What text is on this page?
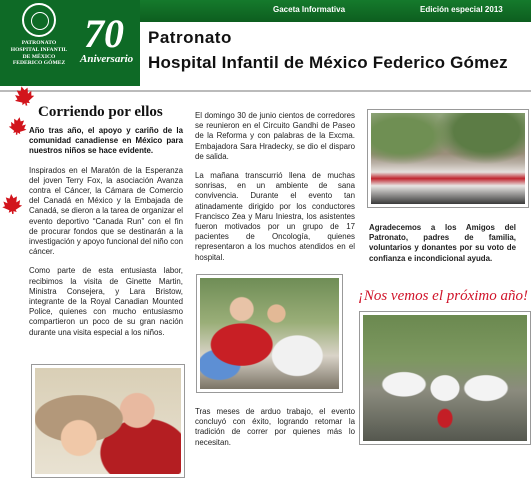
Gaceta Informativa	Edición especial 2013
PATRONATO
HOSPITAL INFANTIL
DE MÉXICO
FEDERICO GÓMEZ
70
Aniversario
Patronato
Hospital Infantil de México Federico Gómez
Corriendo por ellos

Año tras año, el apoyo y cariño de la comunidad canadiense en México para nuestros niños se hace evidente.

Inspirados en el Maratón de la Esperanza del joven Terry Fox, la asociación Avanza contra el Cáncer, la Cámara de Comercio del Canadá en México y la Embajada de Canadá, se dieron a la tarea de organizar el evento deportivo “Canada Run” con el fin de procurar fondos que se destinarán a la investigación y apoyo funcional del niño con cáncer.

Como parte de esta entusiasta labor, recibimos la visita de Ginette Martin, Ministra Consejera, y Lara Bristow, integrante de la Royal Canadian Mounted Police, quienes con mucho entusiasmo compartieron un poco de su gran nación durante una visita especial a los niños.

El domingo 30 de junio cientos de corredores se reunieron en el Circuito Gandhi de Paseo de la Reforma y con palabras de la Excma. Embajadora Sara Hradecky, se dio el disparo de salida.

La mañana transcurrió llena de muchas sonrisas, en un ambiente de sana convivencia. Durante el evento tan atinadamente dirigido por los conductores Francisco Zea y Maru Iniestra, los asistentes fueron motivados por un grupo de 17 pacientes de Oncología, quienes representaron a los muchos atendidos en el hospital.

Agradecemos a los Amigos del Patronato, padres de familia, voluntarios y donantes por su voto de confianza e incondicional ayuda.
¡Nos vemos el próximo año!
Tras meses de arduo trabajo, el evento concluyó con éxito, logrando retomar la tradición de correr por quienes más lo necesitan.
